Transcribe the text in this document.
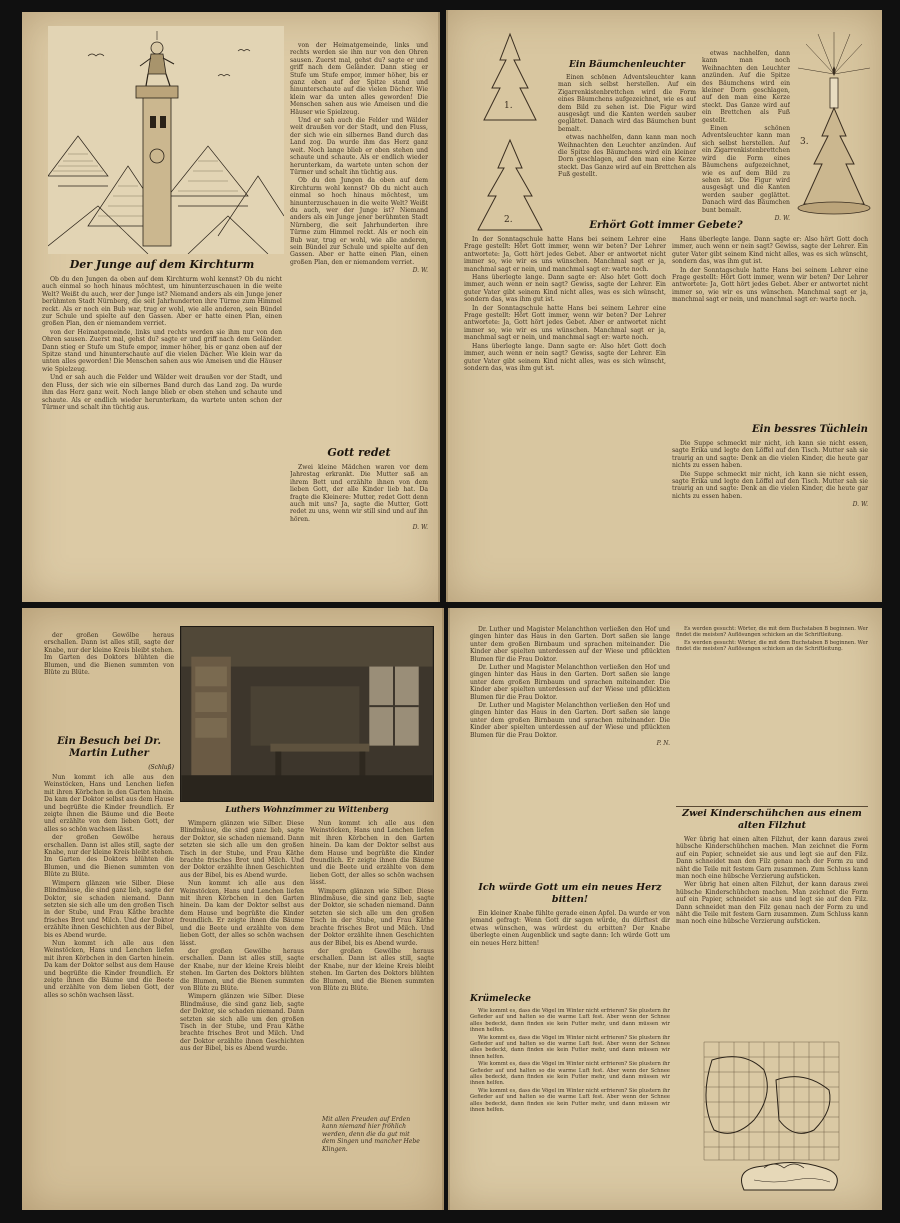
Der Junge auf dem Kirchturm

Ob du den Jungen da oben auf dem Kirchturm wohl kennst? Ob du nicht auch einmal so hoch hinaus möchtest, um hinunterzuschauen in die weite Welt? Weißt du auch, wer der Junge ist? Niemand anders als ein Junge jener berühmten Stadt Nürnberg, die seit Jahrhunderten ihre Türme zum Himmel reckt. Als er noch ein Bub war, trug er wohl, wie alle anderen, sein Bündel zur Schule und spielte auf den Gassen. Aber er hatte einen Plan, einen großen Plan, den er niemandem verriet.

von der Heimatgemeinde, links und rechts werden sie ihm nur von den Ohren sausen. Zuerst mal, gehst du? sagte er und griff nach dem Geländer. Dann stieg er Stufe um Stufe empor, immer höher, bis er ganz oben auf der Spitze stand und hinunterschaute auf die vielen Dächer. Wie klein war da unten alles geworden! Die Menschen sahen aus wie Ameisen und die Häuser wie Spielzeug.

Und er sah auch die Felder und Wälder weit draußen vor der Stadt, und den Fluss, der sich wie ein silbernes Band durch das Land zog. Da wurde ihm das Herz ganz weit. Noch lange blieb er oben stehen und schaute und schaute. Als er endlich wieder herunterkam, da wartete unten schon der Türmer und schalt ihn tüchtig aus.

von der Heimatgemeinde, links und rechts werden sie ihm nur von den Ohren sausen. Zuerst mal, gehst du? sagte er und griff nach dem Geländer. Dann stieg er Stufe um Stufe empor, immer höher, bis er ganz oben auf der Spitze stand und hinunterschaute auf die vielen Dächer. Wie klein war da unten alles geworden! Die Menschen sahen aus wie Ameisen und die Häuser wie Spielzeug.

Und er sah auch die Felder und Wälder weit draußen vor der Stadt, und den Fluss, der sich wie ein silbernes Band durch das Land zog. Da wurde ihm das Herz ganz weit. Noch lange blieb er oben stehen und schaute und schaute. Als er endlich wieder herunterkam, da wartete unten schon der Türmer und schalt ihn tüchtig aus.

Ob du den Jungen da oben auf dem Kirchturm wohl kennst? Ob du nicht auch einmal so hoch hinaus möchtest, um hinunterzuschauen in die weite Welt? Weißt du auch, wer der Junge ist? Niemand anders als ein Junge jener berühmten Stadt Nürnberg, die seit Jahrhunderten ihre Türme zum Himmel reckt. Als er noch ein Bub war, trug er wohl, wie alle anderen, sein Bündel zur Schule und spielte auf den Gassen. Aber er hatte einen Plan, einen großen Plan, den er niemandem verriet.

D. W.
Gott redet

Zwei kleine Mädchen waren vor dem Jahrestag erkrankt. Die Mutter saß an ihrem Bett und erzählte ihnen von dem lieben Gott, der alle Kinder lieb hat. Da fragte die Kleinere: Mutter, redet Gott denn auch mit uns? Ja, sagte die Mutter, Gott redet zu uns, wenn wir still sind und auf ihn hören.

D. W.
1.
2.
Ein Bäumchenleuchter

Einen schönen Adventsleuchter kann man sich selbst herstellen. Auf ein Zigarrenkistenbrettchen wird die Form eines Bäumchens aufgezeichnet, wie es auf dem Bild zu sehen ist. Die Figur wird ausgesägt und die Kanten werden sauber geglättet. Danach wird das Bäumchen bunt bemalt.

etwas nachhelfen, dann kann man noch Weihnachten den Leuchter anzünden. Auf die Spitze des Bäumchens wird ein kleiner Dorn geschlagen, auf den man eine Kerze steckt. Das Ganze wird auf ein Brettchen als Fuß gestellt.

etwas nachhelfen, dann kann man noch Weihnachten den Leuchter anzünden. Auf die Spitze des Bäumchens wird ein kleiner Dorn geschlagen, auf den man eine Kerze steckt. Das Ganze wird auf ein Brettchen als Fuß gestellt.

Einen schönen Adventsleuchter kann man sich selbst herstellen. Auf ein Zigarrenkistenbrettchen wird die Form eines Bäumchens aufgezeichnet, wie es auf dem Bild zu sehen ist. Die Figur wird ausgesägt und die Kanten werden sauber geglättet. Danach wird das Bäumchen bunt bemalt.

D. W.
3.
Erhört Gott immer Gebete?

In der Sonntagschule hatte Hans bei seinem Lehrer eine Frage gestellt: Hört Gott immer, wenn wir beten? Der Lehrer antwortete: Ja, Gott hört jedes Gebet. Aber er antwortet nicht immer so, wie wir es uns wünschen. Manchmal sagt er ja, manchmal sagt er nein, und manchmal sagt er: warte noch.

Hans überlegte lange. Dann sagte er: Also hört Gott doch immer, auch wenn er nein sagt? Gewiss, sagte der Lehrer. Ein guter Vater gibt seinem Kind nicht alles, was es sich wünscht, sondern das, was ihm gut ist.

In der Sonntagschule hatte Hans bei seinem Lehrer eine Frage gestellt: Hört Gott immer, wenn wir beten? Der Lehrer antwortete: Ja, Gott hört jedes Gebet. Aber er antwortet nicht immer so, wie wir es uns wünschen. Manchmal sagt er ja, manchmal sagt er nein, und manchmal sagt er: warte noch.

Hans überlegte lange. Dann sagte er: Also hört Gott doch immer, auch wenn er nein sagt? Gewiss, sagte der Lehrer. Ein guter Vater gibt seinem Kind nicht alles, was es sich wünscht, sondern das, was ihm gut ist.

Hans überlegte lange. Dann sagte er: Also hört Gott doch immer, auch wenn er nein sagt? Gewiss, sagte der Lehrer. Ein guter Vater gibt seinem Kind nicht alles, was es sich wünscht, sondern das, was ihm gut ist.

In der Sonntagschule hatte Hans bei seinem Lehrer eine Frage gestellt: Hört Gott immer, wenn wir beten? Der Lehrer antwortete: Ja, Gott hört jedes Gebet. Aber er antwortet nicht immer so, wie wir es uns wünschen. Manchmal sagt er ja, manchmal sagt er nein, und manchmal sagt er: warte noch.

Ein bessres Tüchlein

Die Suppe schmeckt mir nicht, ich kann sie nicht essen, sagte Erika und legte den Löffel auf den Tisch. Mutter sah sie traurig an und sagte: Denk an die vielen Kinder, die heute gar nichts zu essen haben.

Die Suppe schmeckt mir nicht, ich kann sie nicht essen, sagte Erika und legte den Löffel auf den Tisch. Mutter sah sie traurig an und sagte: Denk an die vielen Kinder, die heute gar nichts zu essen haben.

D. W.

der großen Gewölbe heraus erschallen. Dann ist alles still, sagte der Knabe, nur der kleine Kreis bleibt stehen. Im Garten des Doktors blühten die Blumen, und die Bienen summten von Blüte zu Blüte.

Ein Besuch bei Dr. Martin Luther
(Schluß)

Nun kommt ich alle aus den Weinstöcken, Hans und Lenchen liefen mit ihren Körbchen in den Garten hinein. Da kam der Doktor selbst aus dem Hause und begrüßte die Kinder freundlich. Er zeigte ihnen die Bäume und die Beete und erzählte von dem lieben Gott, der alles so schön wachsen lässt.

der großen Gewölbe heraus erschallen. Dann ist alles still, sagte der Knabe, nur der kleine Kreis bleibt stehen. Im Garten des Doktors blühten die Blumen, und die Bienen summten von Blüte zu Blüte.

Wimpern glänzen wie Silber. Diese Blindmäuse, die sind ganz lieb, sagte der Doktor, sie schaden niemand. Dann setzten sie sich alle um den großen Tisch in der Stube, und Frau Käthe brachte frisches Brot und Milch. Und der Doktor erzählte ihnen Geschichten aus der Bibel, bis es Abend wurde.

Nun kommt ich alle aus den Weinstöcken, Hans und Lenchen liefen mit ihren Körbchen in den Garten hinein. Da kam der Doktor selbst aus dem Hause und begrüßte die Kinder freundlich. Er zeigte ihnen die Bäume und die Beete und erzählte von dem lieben Gott, der alles so schön wachsen lässt.

Luthers Wohnzimmer zu Wittenberg

Wimpern glänzen wie Silber. Diese Blindmäuse, die sind ganz lieb, sagte der Doktor, sie schaden niemand. Dann setzten sie sich alle um den großen Tisch in der Stube, und Frau Käthe brachte frisches Brot und Milch. Und der Doktor erzählte ihnen Geschichten aus der Bibel, bis es Abend wurde.

Nun kommt ich alle aus den Weinstöcken, Hans und Lenchen liefen mit ihren Körbchen in den Garten hinein. Da kam der Doktor selbst aus dem Hause und begrüßte die Kinder freundlich. Er zeigte ihnen die Bäume und die Beete und erzählte von dem lieben Gott, der alles so schön wachsen lässt.

der großen Gewölbe heraus erschallen. Dann ist alles still, sagte der Knabe, nur der kleine Kreis bleibt stehen. Im Garten des Doktors blühten die Blumen, und die Bienen summten von Blüte zu Blüte.

Wimpern glänzen wie Silber. Diese Blindmäuse, die sind ganz lieb, sagte der Doktor, sie schaden niemand. Dann setzten sie sich alle um den großen Tisch in der Stube, und Frau Käthe brachte frisches Brot und Milch. Und der Doktor erzählte ihnen Geschichten aus der Bibel, bis es Abend wurde.

Nun kommt ich alle aus den Weinstöcken, Hans und Lenchen liefen mit ihren Körbchen in den Garten hinein. Da kam der Doktor selbst aus dem Hause und begrüßte die Kinder freundlich. Er zeigte ihnen die Bäume und die Beete und erzählte von dem lieben Gott, der alles so schön wachsen lässt.

Wimpern glänzen wie Silber. Diese Blindmäuse, die sind ganz lieb, sagte der Doktor, sie schaden niemand. Dann setzten sie sich alle um den großen Tisch in der Stube, und Frau Käthe brachte frisches Brot und Milch. Und der Doktor erzählte ihnen Geschichten aus der Bibel, bis es Abend wurde.

der großen Gewölbe heraus erschallen. Dann ist alles still, sagte der Knabe, nur der kleine Kreis bleibt stehen. Im Garten des Doktors blühten die Blumen, und die Bienen summten von Blüte zu Blüte.

Mit allen Freuden auf Erden kann niemand hier fröhlich werden, denn die da gut mit dem Singen und mancher Hebe Klingen.

Dr. Luther und Magister Melanchthon verließen den Hof und gingen hinter das Haus in den Garten. Dort saßen sie lange unter dem großen Birnbaum und sprachen miteinander. Die Kinder aber spielten unterdessen auf der Wiese und pflückten Blumen für die Frau Doktor.

Dr. Luther und Magister Melanchthon verließen den Hof und gingen hinter das Haus in den Garten. Dort saßen sie lange unter dem großen Birnbaum und sprachen miteinander. Die Kinder aber spielten unterdessen auf der Wiese und pflückten Blumen für die Frau Doktor.

Dr. Luther und Magister Melanchthon verließen den Hof und gingen hinter das Haus in den Garten. Dort saßen sie lange unter dem großen Birnbaum und sprachen miteinander. Die Kinder aber spielten unterdessen auf der Wiese und pflückten Blumen für die Frau Doktor.

P. N.
Ich würde Gott um ein neues Herz bitten!

Ein kleiner Knabe fühlte gerade einen Apfel. Da wurde er von jemand gefragt: Wenn Gott dir sagen würde, du dürftest dir etwas wünschen, was würdest du erbitten? Der Knabe überlegte einen Augenblick und sagte dann: Ich würde Gott um ein neues Herz bitten!

Krümelecke

Wie kommt es, dass die Vögel im Winter nicht erfrieren? Sie plustern ihr Gefieder auf und halten so die warme Luft fest. Aber wenn der Schnee alles bedeckt, dann finden sie kein Futter mehr, und dann müssen wir ihnen helfen.

Wie kommt es, dass die Vögel im Winter nicht erfrieren? Sie plustern ihr Gefieder auf und halten so die warme Luft fest. Aber wenn der Schnee alles bedeckt, dann finden sie kein Futter mehr, und dann müssen wir ihnen helfen.

Wie kommt es, dass die Vögel im Winter nicht erfrieren? Sie plustern ihr Gefieder auf und halten so die warme Luft fest. Aber wenn der Schnee alles bedeckt, dann finden sie kein Futter mehr, und dann müssen wir ihnen helfen.

Wie kommt es, dass die Vögel im Winter nicht erfrieren? Sie plustern ihr Gefieder auf und halten so die warme Luft fest. Aber wenn der Schnee alles bedeckt, dann finden sie kein Futter mehr, und dann müssen wir ihnen helfen.

Es werden gesucht: Wörter, die mit dem Buchstaben B beginnen. Wer findet die meisten? Auflösungen schicken an die Schriftleitung.

Es werden gesucht: Wörter, die mit dem Buchstaben B beginnen. Wer findet die meisten? Auflösungen schicken an die Schriftleitung.

Zwei Kinderschühchen aus einem alten Filzhut

Wer übrig hat einen alten Filzhut, der kann daraus zwei hübsche Kinderschühchen machen. Man zeichnet die Form auf ein Papier, schneidet sie aus und legt sie auf den Filz. Dann schneidet man den Filz genau nach der Form zu und näht die Teile mit festem Garn zusammen. Zum Schluss kann man noch eine hübsche Verzierung aufsticken.

Wer übrig hat einen alten Filzhut, der kann daraus zwei hübsche Kinderschühchen machen. Man zeichnet die Form auf ein Papier, schneidet sie aus und legt sie auf den Filz. Dann schneidet man den Filz genau nach der Form zu und näht die Teile mit festem Garn zusammen. Zum Schluss kann man noch eine hübsche Verzierung aufsticken.
